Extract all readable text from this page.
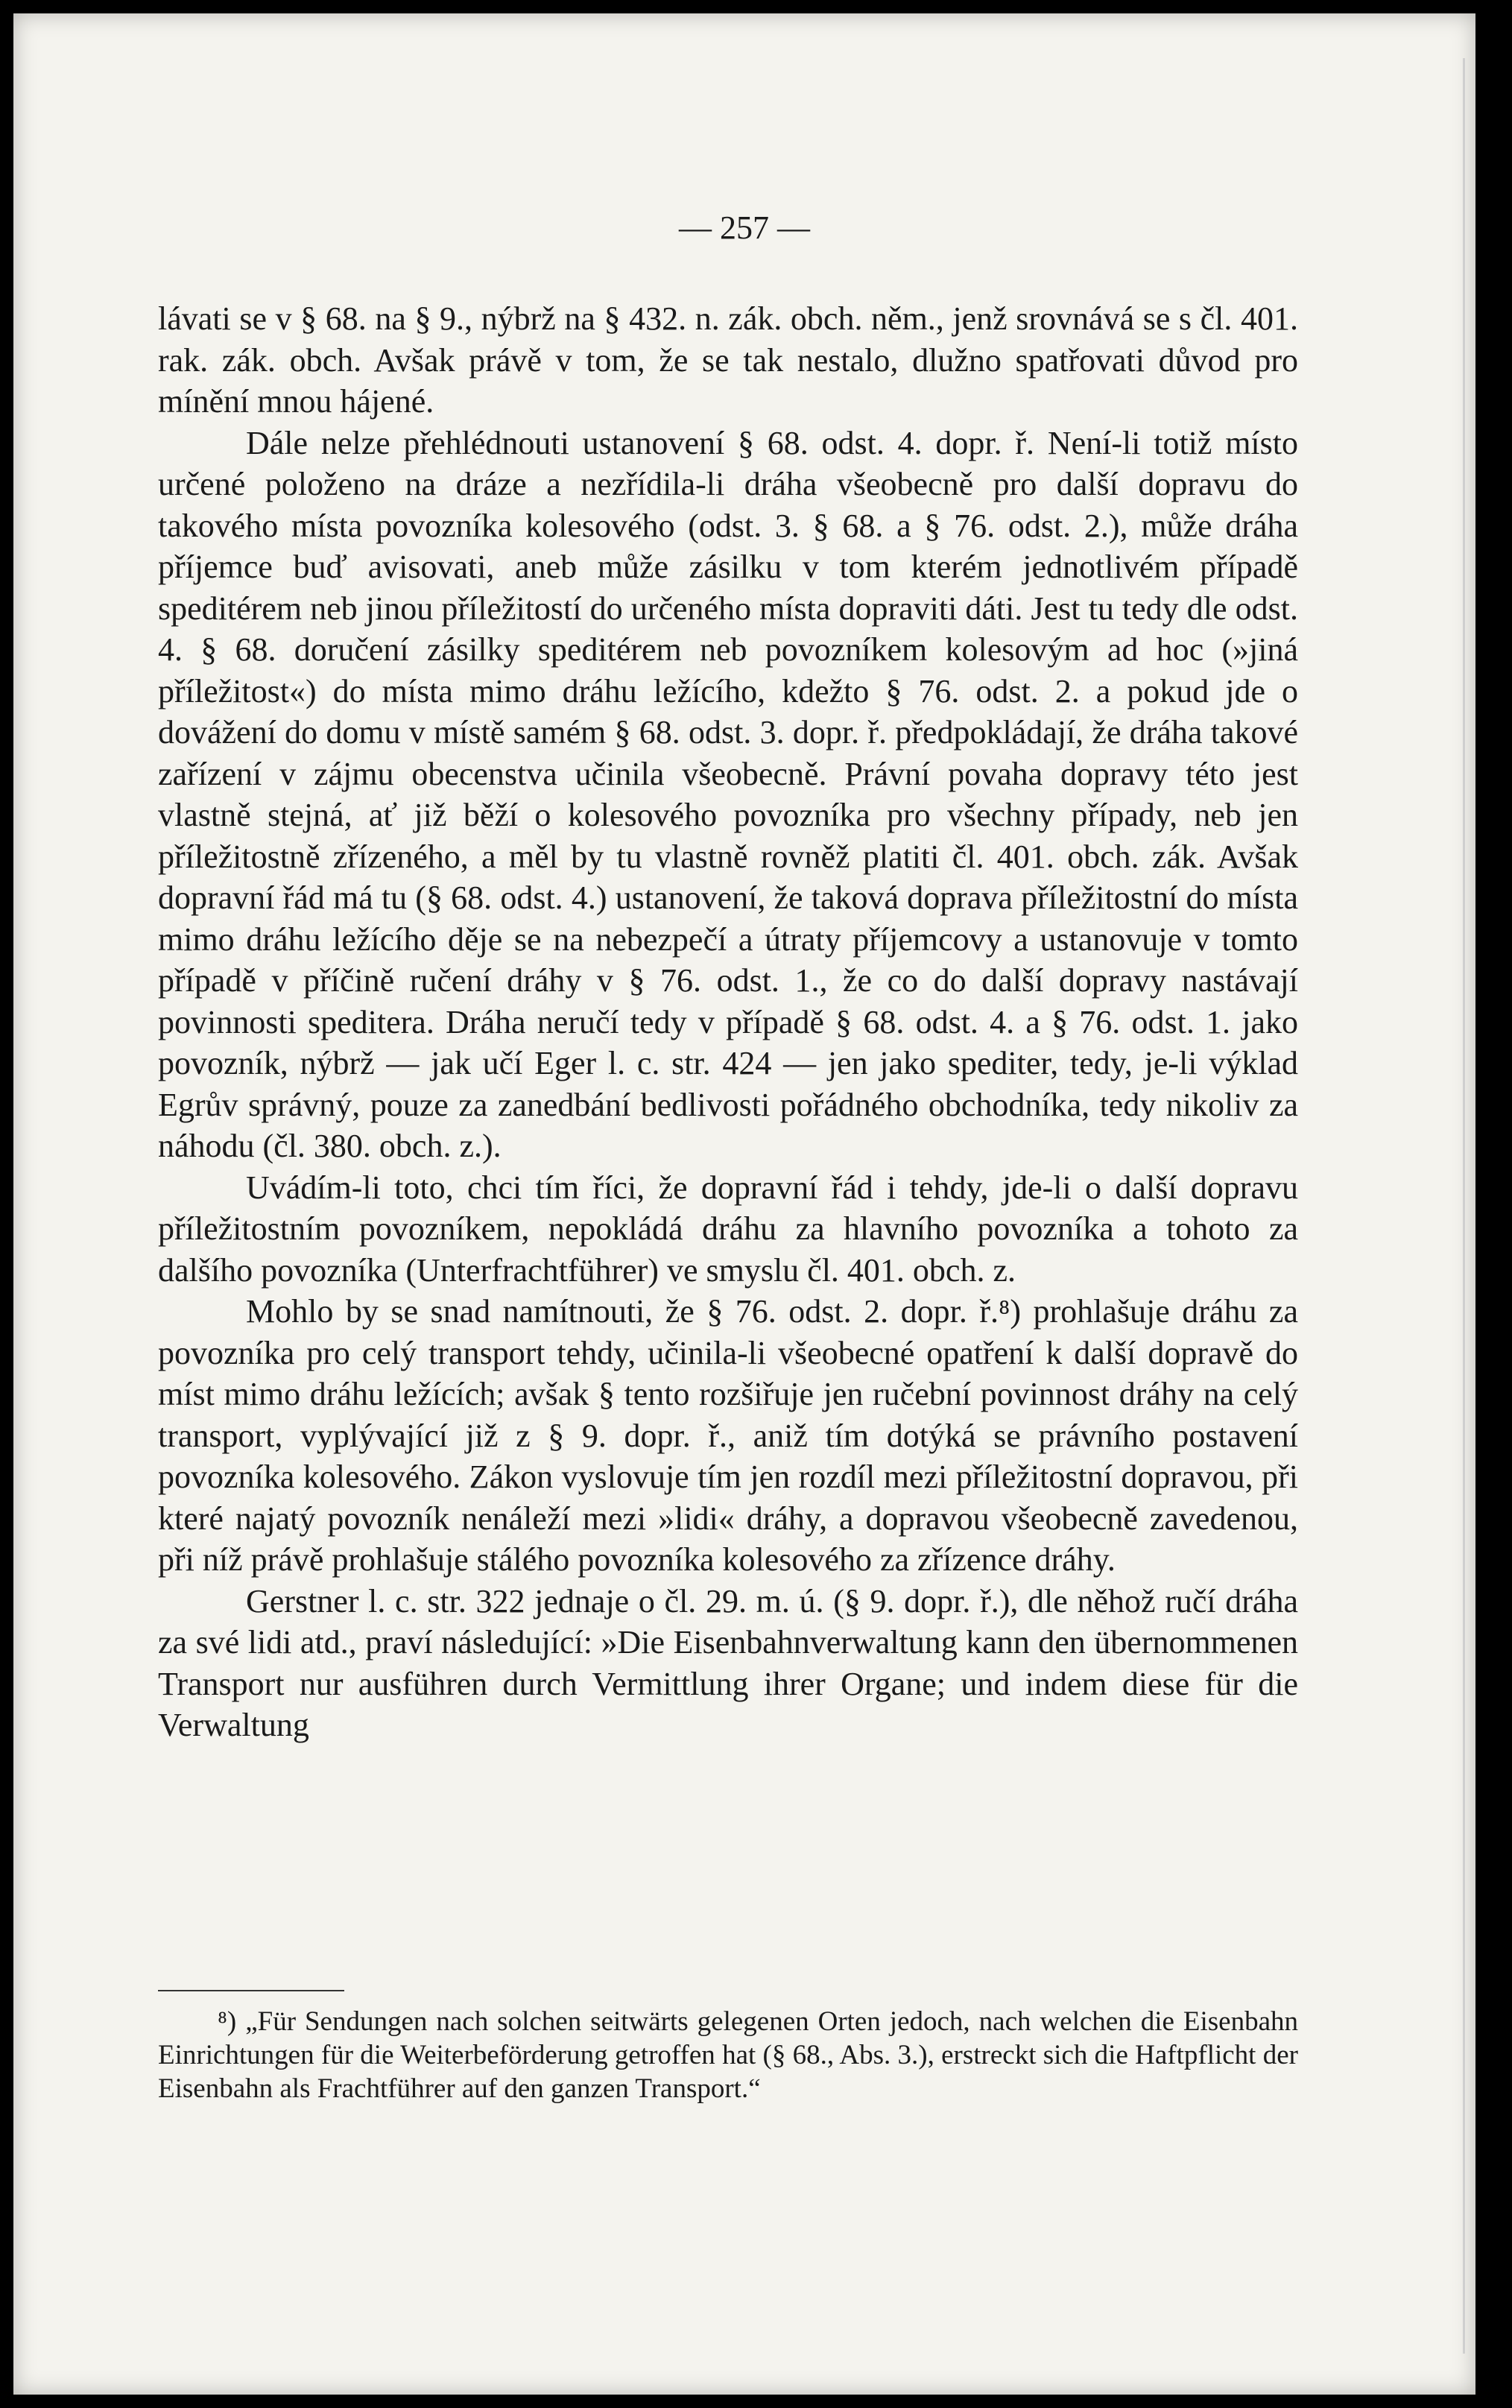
— 257 —

lávati se v § 68. na § 9., nýbrž na § 432. n. zák. obch. něm., jenž srovnává se s čl. 401. rak. zák. obch. Avšak právě v tom, že se tak nestalo, dlužno spatřovati důvod pro mínění mnou hájené.

Dále nelze přehlédnouti ustanovení § 68. odst. 4. dopr. ř. Není-li totiž místo určené položeno na dráze a nezřídila-li dráha všeobecně pro další dopravu do takového místa povozníka kolesového (odst. 3. § 68. a § 76. odst. 2.), může dráha příjemce buď avisovati, aneb může zásilku v tom kterém jednotlivém případě speditérem neb jinou příležitostí do určeného místa dopraviti dáti. Jest tu tedy dle odst. 4. § 68. doručení zásilky speditérem neb povozníkem kolesovým ad hoc (»jiná příležitost«) do místa mimo dráhu ležícího, kdežto § 76. odst. 2. a pokud jde o dovážení do domu v místě samém § 68. odst. 3. dopr. ř. předpokládají, že dráha takové zařízení v zájmu obecenstva učinila všeobecně. Právní povaha dopravy této jest vlastně stejná, ať již běží o kolesového povozníka pro všechny případy, neb jen příležitostně zřízeného, a měl by tu vlastně rovněž platiti čl. 401. obch. zák. Avšak dopravní řád má tu (§ 68. odst. 4.) ustanovení, že taková doprava příležitostní do místa mimo dráhu ležícího děje se na nebezpečí a útraty příjemcovy a ustanovuje v tomto případě v příčině ručení dráhy v § 76. odst. 1., že co do další dopravy nastávají povinnosti speditera. Dráha neručí tedy v případě § 68. odst. 4. a § 76. odst. 1. jako povozník, nýbrž — jak učí Eger l. c. str. 424 — jen jako spediter, tedy, je-li výklad Egrův správný, pouze za zanedbání bedlivosti pořádného obchodníka, tedy nikoliv za náhodu (čl. 380. obch. z.).

Uvádím-li toto, chci tím říci, že dopravní řád i tehdy, jde-li o další dopravu příležitostním povozníkem, nepokládá dráhu za hlavního povozníka a tohoto za dalšího povozníka (Unterfrachtführer) ve smyslu čl. 401. obch. z.

Mohlo by se snad namítnouti, že § 76. odst. 2. dopr. ř.⁸) prohlašuje dráhu za povozníka pro celý transport tehdy, učinila-li všeobecné opatření k další dopravě do míst mimo dráhu ležících; avšak § tento rozšiřuje jen ručební povinnost dráhy na celý transport, vyplývající již z § 9. dopr. ř., aniž tím dotýká se právního postavení povozníka kolesového. Zákon vyslovuje tím jen rozdíl mezi příležitostní dopravou, při které najatý povozník nenáleží mezi »lidi« dráhy, a dopravou všeobecně zavedenou, při níž právě prohlašuje stálého povozníka kolesového za zřízence dráhy.

Gerstner l. c. str. 322 jednaje o čl. 29. m. ú. (§ 9. dopr. ř.), dle něhož ručí dráha za své lidi atd., praví následující: »Die Eisenbahnverwaltung kann den übernommenen Transport nur ausführen durch Vermittlung ihrer Organe; und indem diese für die Verwaltung

⁸) „Für Sendungen nach solchen seitwärts gelegenen Orten jedoch, nach welchen die Eisenbahn Einrichtungen für die Weiterbeförderung getroffen hat (§ 68., Abs. 3.), erstreckt sich die Haftpflicht der Eisenbahn als Frachtführer auf den ganzen Transport.“
